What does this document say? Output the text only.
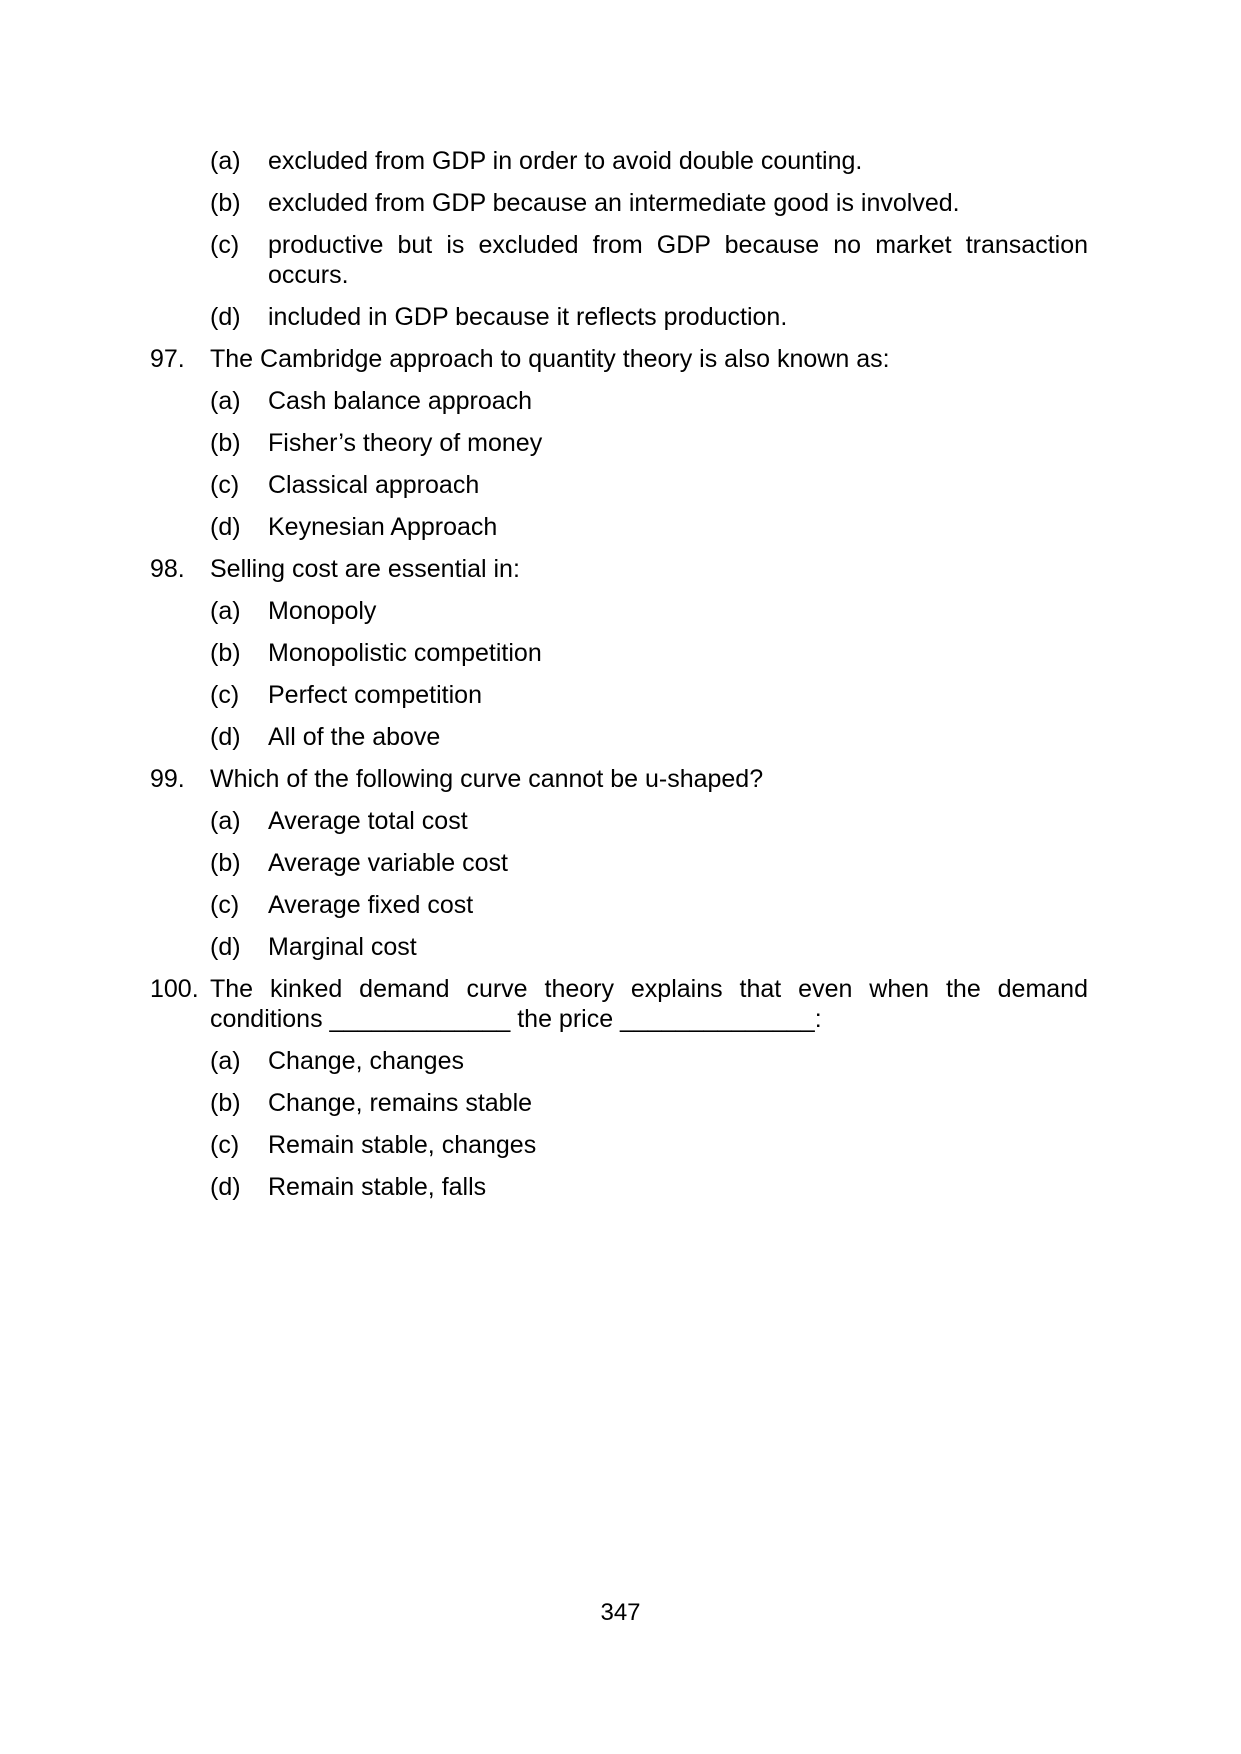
(a)	excluded from GDP in order to avoid double counting.
(b)	excluded from GDP because an intermediate good is involved.
(c)	productive but is excluded from GDP because no market transaction
occurs.
(d)	included in GDP because it reflects production.
97.	The Cambridge approach to quantity theory is also known as:
(a)	Cash balance approach
(b)	Fisher’s theory of money
(c)	Classical approach
(d)	Keynesian Approach
98.	Selling cost are essential in:
(a)	Monopoly
(b)	Monopolistic competition
(c)	Perfect competition
(d)	All of the above
99.	Which of the following curve cannot be u-shaped?
(a)	Average total cost
(b)	Average variable cost
(c)	Average fixed cost
(d)	Marginal cost
100. The kinked demand curve theory explains that even when the demand
conditions _____________ the price ______________:
(a)	Change, changes
(b)	Change, remains stable
(c)	Remain stable, changes
(d)	Remain stable, falls
347
